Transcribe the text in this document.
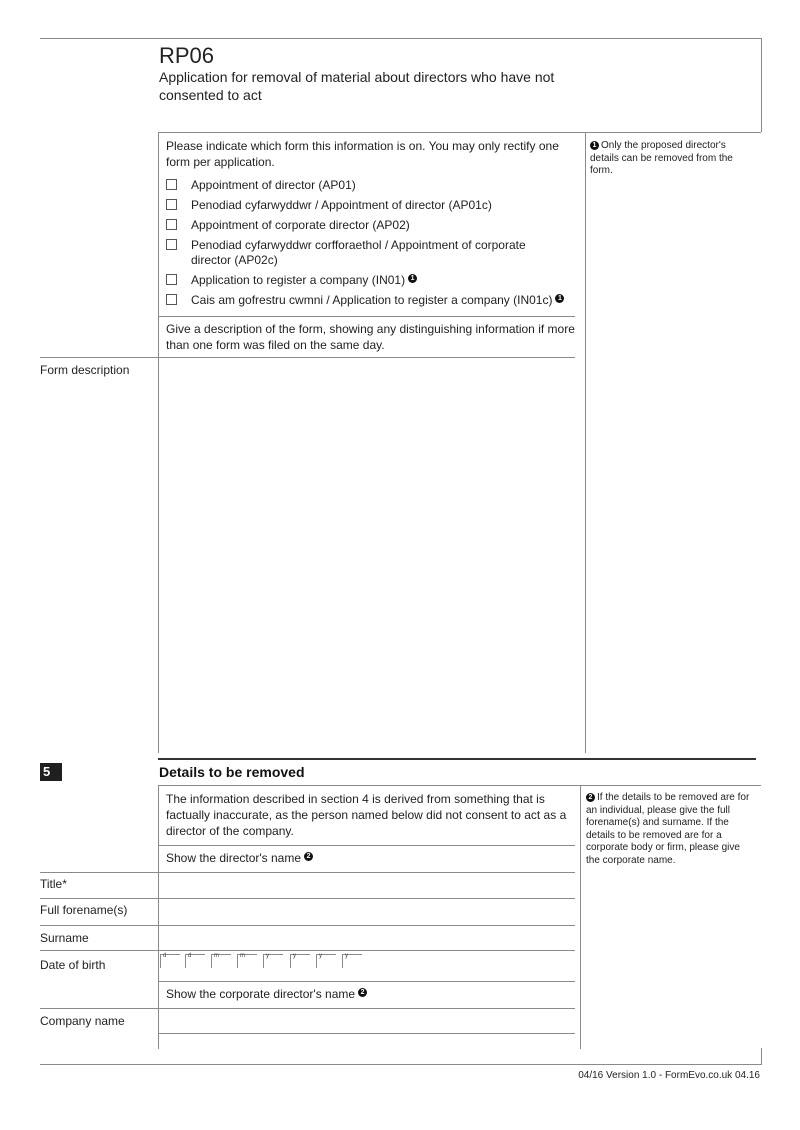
RP06
Application for removal of material about directors who have not consented to act
Please indicate which form this information is on. You may only rectify one form per application.
1 Only the proposed director's details can be removed from the form.
Appointment of director (AP01)
Penodiad cyfarwyddwr / Appointment of director (AP01c)
Appointment of corporate director (AP02)
Penodiad cyfarwyddwr corfforaethol / Appointment of corporate director (AP02c)
Application to register a company (IN01) 1
Cais am gofrestru cwmni / Application to register a company (IN01c) 1
Give a description of the form, showing any distinguishing information if more than one form was filed on the same day.
Form description
5	Details to be removed
The information described in section 4 is derived from something that is factually inaccurate, as the person named below did not consent to act as a director of the company.
2 If the details to be removed are for an individual, please give the full forename(s) and surname. If the details to be removed are for a corporate body or firm, please give the corporate name.
Show the director's name 2
Title*
Full forename(s)
Surname
Date of birth
d	d	m	m	y	y	y	y
Show the corporate director's name 2
Company name
04/16 Version 1.0 - FormEvo.co.uk 04.16
